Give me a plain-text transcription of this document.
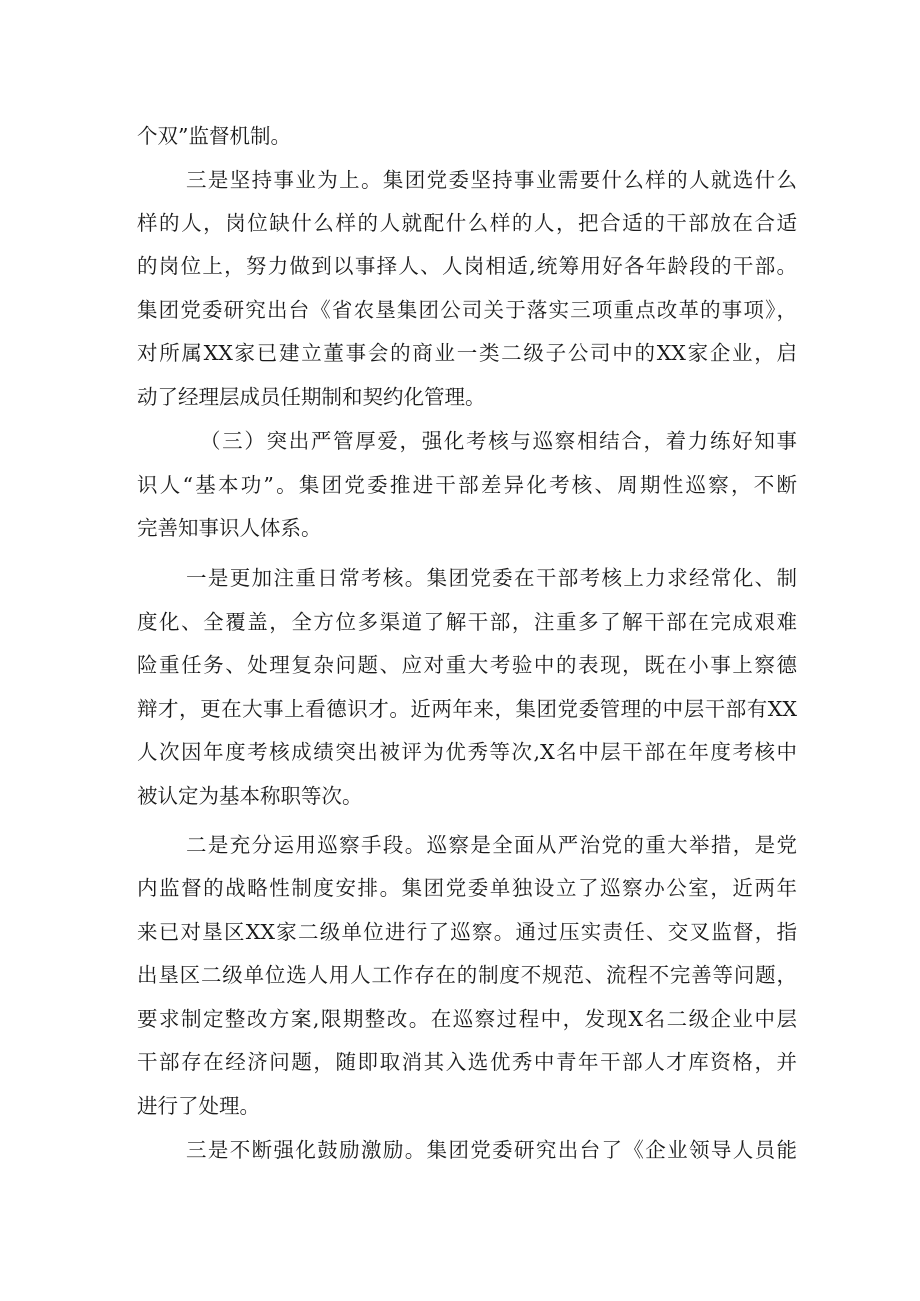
个双”监督机制。
三是坚持事业为上。集团党委坚持事业需要什么样的人就选什么
样的人，岗位缺什么样的人就配什么样的人，把合适的干部放在合适
的岗位上，努力做到以事择人、人岗相适,统筹用好各年龄段的干部。
集团党委研究出台《省农垦集团公司关于落实三项重点改革的事项》，
对所属XX家已建立董事会的商业一类二级子公司中的XX家企业，启
动了经理层成员任期制和契约化管理。
（三）突出严管厚爱，强化考核与巡察相结合，着力练好知事
识人“基本功”。集团党委推进干部差异化考核、周期性巡察，不断
完善知事识人体系。
一是更加注重日常考核。集团党委在干部考核上力求经常化、制
度化、全覆盖，全方位多渠道了解干部，注重多了解干部在完成艰难
险重任务、处理复杂问题、应对重大考验中的表现，既在小事上察德
辩才，更在大事上看德识才。近两年来，集团党委管理的中层干部有XX
人次因年度考核成绩突出被评为优秀等次,X名中层干部在年度考核中
被认定为基本称职等次。
二是充分运用巡察手段。巡察是全面从严治党的重大举措，是党
内监督的战略性制度安排。集团党委单独设立了巡察办公室，近两年
来已对垦区XX家二级单位进行了巡察。通过压实责任、交叉监督，指
出垦区二级单位选人用人工作存在的制度不规范、流程不完善等问题，
要求制定整改方案,限期整改。在巡察过程中，发现X名二级企业中层
干部存在经济问题，随即取消其入选优秀中青年干部人才库资格，并
进行了处理。
三是不断强化鼓励激励。集团党委研究出台了《企业领导人员能
